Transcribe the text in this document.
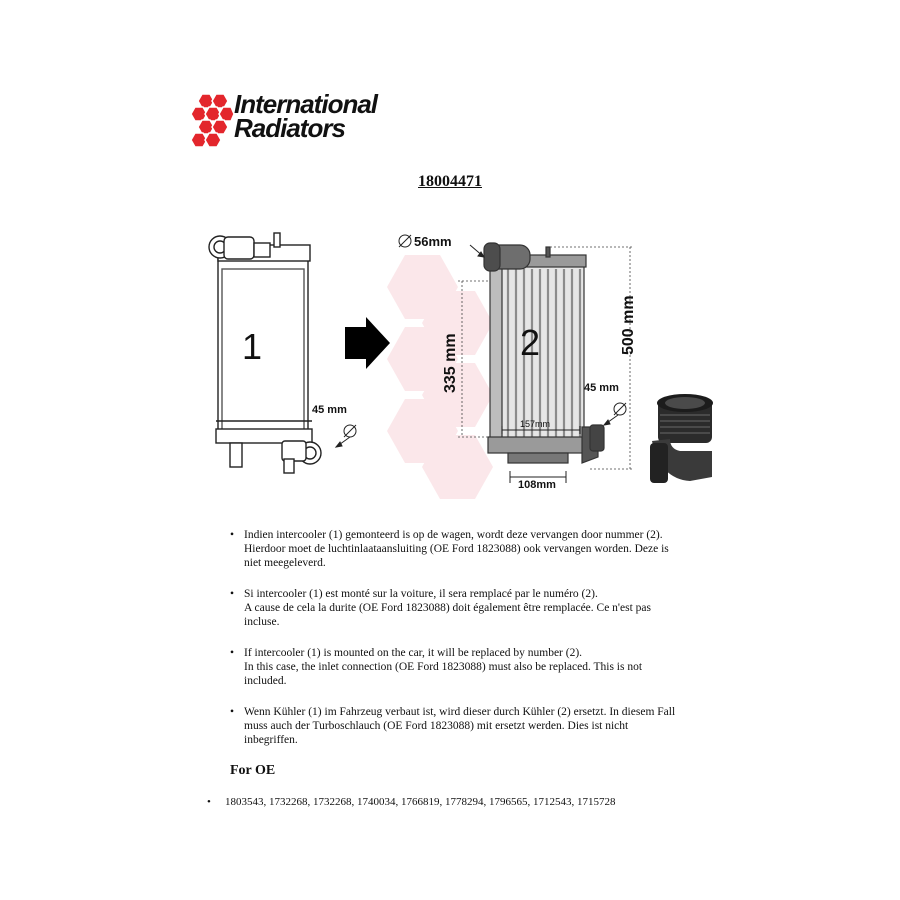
International
Radiators

18004471

1
45 mm
2
56mm
500 mm
335 mm	45 mm
157mm
108mm
• Indien intercooler (1) gemonteerd is op de wagen, wordt deze vervangen door nummer (2).

Hierdoor moet de luchtinlaataansluiting (OE Ford 1823088) ook vervangen worden. Deze is

niet meegeleverd.

• Si intercooler (1) est monté sur la voiture, il sera remplacé par le numéro (2).

A cause de cela la durite (OE Ford 1823088) doit également être remplacée. Ce n'est pas

incluse.

• If intercooler (1) is mounted on the car, it will be replaced by number (2).

In this case, the inlet connection (OE Ford 1823088) must also be replaced. This is not

included.

• Wenn Kühler (1) im Fahrzeug verbaut ist, wird dieser durch Kühler (2) ersetzt. In diesem Fall

muss auch der Turboschlauch (OE Ford 1823088) mit ersetzt werden. Dies ist nicht

inbegriffen.

For OE

• 1803543, 1732268, 1732268, 1740034, 1766819, 1778294, 1796565, 1712543, 1715728
